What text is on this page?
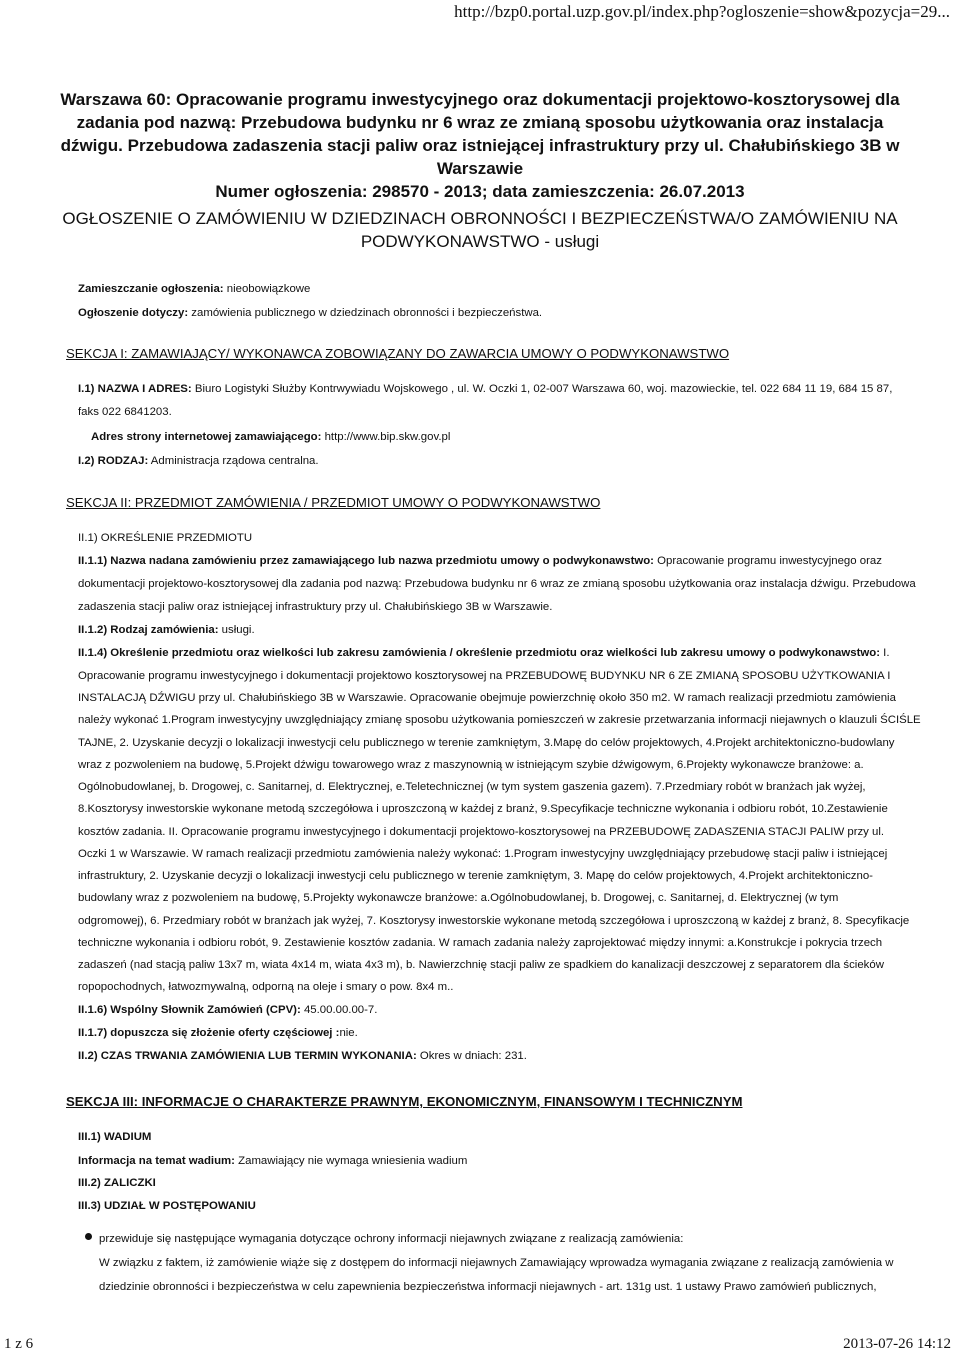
http://bzp0.portal.uzp.gov.pl/index.php?ogloszenie=show&pozycja=29...
Warszawa 60: Opracowanie programu inwestycyjnego oraz dokumentacji projektowo-kosztorysowej dla
zadania pod nazwą: Przebudowa budynku nr 6 wraz ze zmianą sposobu użytkowania oraz instalacja
dźwigu. Przebudowa zadaszenia stacji paliw oraz istniejącej infrastruktury przy ul. Chałubińskiego 3B w
Warszawie
Numer ogłoszenia: 298570 - 2013; data zamieszczenia: 26.07.2013
OGŁOSZENIE O ZAMÓWIENIU W DZIEDZINACH OBRONNOŚCI I BEZPIECZEŃSTWA/O ZAMÓWIENIU NA
PODWYKONAWSTWO - usługi
Zamieszczanie ogłoszenia: nieobowiązkowe
Ogłoszenie dotyczy: zamówienia publicznego w dziedzinach obronności i bezpieczeństwa.
SEKCJA I: ZAMAWIAJĄCY/ WYKONAWCA ZOBOWIĄZANY DO ZAWARCIA UMOWY O PODWYKONAWSTWO
I.1) NAZWA I ADRES: Biuro Logistyki Służby Kontrwywiadu Wojskowego , ul. W. Oczki 1, 02-007 Warszawa 60, woj. mazowieckie, tel. 022 684 11 19, 684 15 87,
faks 022 6841203.
Adres strony internetowej zamawiającego: http://www.bip.skw.gov.pl
I.2) RODZAJ: Administracja rządowa centralna.
SEKCJA II: PRZEDMIOT ZAMÓWIENIA / PRZEDMIOT UMOWY O PODWYKONAWSTWO
II.1) OKREŚLENIE PRZEDMIOTU
II.1.1) Nazwa nadana zamówieniu przez zamawiającego lub nazwa przedmiotu umowy o podwykonawstwo: Opracowanie programu inwestycyjnego oraz
dokumentacji projektowo-kosztorysowej dla zadania pod nazwą: Przebudowa budynku nr 6 wraz ze zmianą sposobu użytkowania oraz instalacja dźwigu. Przebudowa
zadaszenia stacji paliw oraz istniejącej infrastruktury przy ul. Chałubińskiego 3B w Warszawie.
II.1.2) Rodzaj zamówienia: usługi.
II.1.4) Określenie przedmiotu oraz wielkości lub zakresu zamówienia / określenie przedmiotu oraz wielkości lub zakresu umowy o podwykonawstwo: I.
Opracowanie programu inwestycyjnego i dokumentacji projektowo kosztorysowej na PRZEBUDOWĘ BUDYNKU NR 6 ZE ZMIANĄ SPOSOBU UŻYTKOWANIA I
INSTALACJĄ DŹWIGU przy ul. Chałubińskiego 3B w Warszawie. Opracowanie obejmuje powierzchnię około 350 m2. W ramach realizacji przedmiotu zamówienia
należy wykonać 1.Program inwestycyjny uwzględniający zmianę sposobu użytkowania pomieszczeń w zakresie przetwarzania informacji niejawnych o klauzuli ŚCIŚLE
TAJNE, 2. Uzyskanie decyzji o lokalizacji inwestycji celu publicznego w terenie zamkniętym, 3.Mapę do celów projektowych, 4.Projekt architektoniczno-budowlany
wraz z pozwoleniem na budowę, 5.Projekt dźwigu towarowego wraz z maszynownią w istniejącym szybie dźwigowym, 6.Projekty wykonawcze branżowe: a.
Ogólnobudowlanej, b. Drogowej, c. Sanitarnej, d. Elektrycznej, e.Teletechnicznej (w tym system gaszenia gazem). 7.Przedmiary robót w branżach jak wyżej,
8.Kosztorysy inwestorskie wykonane metodą szczegółowa i uproszczoną w każdej z branż, 9.Specyfikacje techniczne wykonania i odbioru robót, 10.Zestawienie
kosztów zadania. II. Opracowanie programu inwestycyjnego i dokumentacji projektowo-kosztorysowej na PRZEBUDOWĘ ZADASZENIA STACJI PALIW przy ul.
Oczki 1 w Warszawie. W ramach realizacji przedmiotu zamówienia należy wykonać: 1.Program inwestycyjny uwzględniający przebudowę stacji paliw i istniejącej
infrastruktury, 2. Uzyskanie decyzji o lokalizacji inwestycji celu publicznego w terenie zamkniętym, 3. Mapę do celów projektowych, 4.Projekt architektoniczno-
budowlany wraz z pozwoleniem na budowę, 5.Projekty wykonawcze branżowe: a.Ogólnobudowlanej, b. Drogowej, c. Sanitarnej, d. Elektrycznej (w tym
odgromowej), 6. Przedmiary robót w branżach jak wyżej, 7. Kosztorysy inwestorskie wykonane metodą szczegółowa i uproszczoną w każdej z branż, 8. Specyfikacje
techniczne wykonania i odbioru robót, 9. Zestawienie kosztów zadania. W ramach zadania należy zaprojektować między innymi: a.Konstrukcje i pokrycia trzech
zadaszeń (nad stacją paliw 13x7 m, wiata 4x14 m, wiata 4x3 m), b. Nawierzchnię stacji paliw ze spadkiem do kanalizacji deszczowej z separatorem dla ścieków
ropopochodnych, łatwozmywalną, odporną na oleje i smary o pow. 8x4 m..
II.1.6) Wspólny Słownik Zamówień (CPV): 45.00.00.00-7.
II.1.7) dopuszcza się złożenie oferty częściowej :nie.
II.2) CZAS TRWANIA ZAMÓWIENIA LUB TERMIN WYKONANIA: Okres w dniach: 231.
SEKCJA III: INFORMACJE O CHARAKTERZE PRAWNYM, EKONOMICZNYM, FINANSOWYM I TECHNICZNYM
III.1) WADIUM
Informacja na temat wadium: Zamawiający nie wymaga wniesienia wadium
III.2) ZALICZKI
III.3) UDZIAŁ W POSTĘPOWANIU
przewiduje się następujące wymagania dotyczące ochrony informacji niejawnych związane z realizacją zamówienia:
W związku z faktem, iż zamówienie wiąże się z dostępem do informacji niejawnych Zamawiający wprowadza wymagania związane z realizacją zamówienia w
dziedzinie obronności i bezpieczeństwa w celu zapewnienia bezpieczeństwa informacji niejawnych - art. 131g ust. 1 ustawy Prawo zamówień publicznych,
1 z 6	2013-07-26 14:12
